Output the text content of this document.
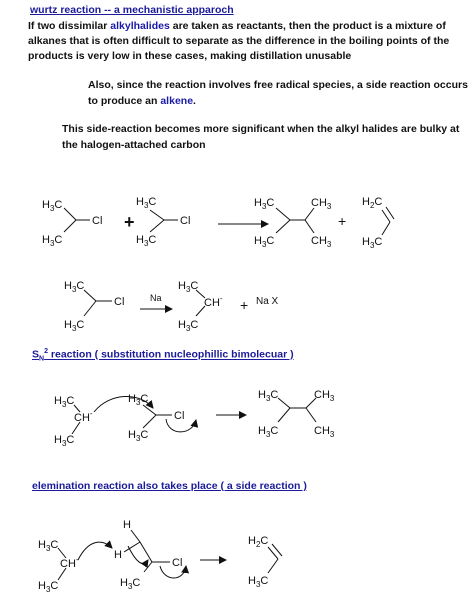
wurtz reaction -- a mechanistic apparoch
If two dissimilar alkylhalides are taken as reactants, then the product is a mixture of alkanes that is often difficult to separate as the difference in the boiling points of the products is very low in these cases, making distillation unusable
Also, since the reaction involves free radical species, a side reaction occurs to produce an alkene.
This side-reaction becomes more significant when the alkyl halides are bulky at the halogen-attached carbon
$S_N^2$ reaction ( substitution nucleophillic bimolecuar )
elemination reaction also takes place ( a side reaction )
$H_3C$
$H_3C$
Cl +
$H_3C$
$H_3C$
Cl
$H_3C$
$H_3C$
$CH_3$
$CH_3$
+
$H_2C$
$H_3C$
$H_3C$
$H_3C$
Cl	Na
$H_3C$
CH-
$H_3C$
+ Na X
$H_3C$
CH-
$H_3C$
$H_3C$
$H_3C$
Cl
$H_3C$
$H_3C$
$CH_3$
$CH_3$
$H_3C$
CH-
$H_3C$
H
H
$H_3C$
Cl
$H_2C$
$H_3C$
